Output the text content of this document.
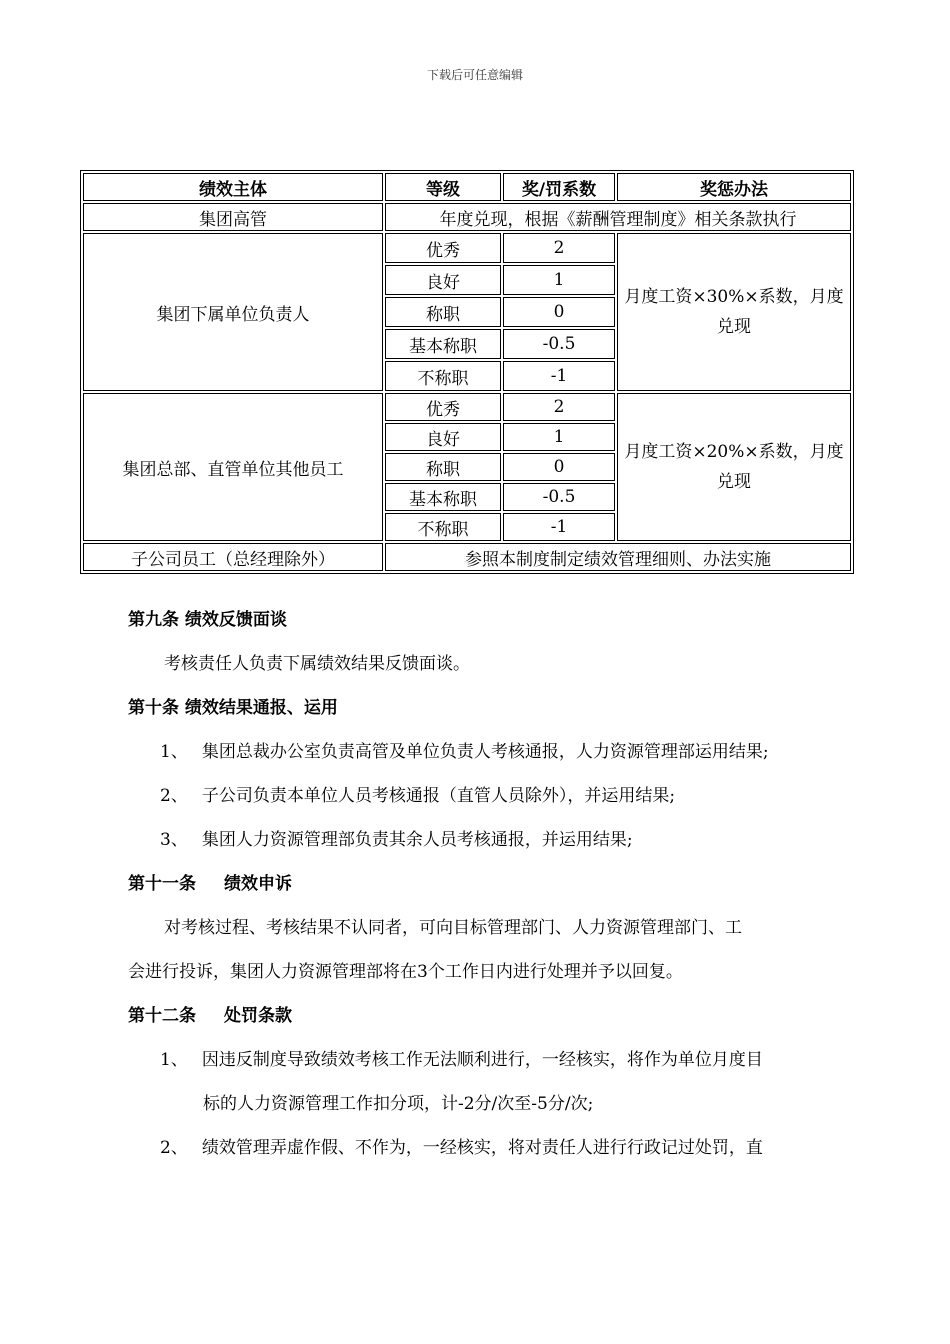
下载后可任意编辑
绩效主体	等级	奖/罚系数	奖惩办法
集团高管	年度兑现，根据《薪酬管理制度》相关条款执行		
集团下属单位负责人	优秀	2	月度工资×30%×系数，月度
兑现

	良好	1	
	称职	0	
	基本称职	-0.5	
	不称职	-1	
集团总部、直管单位其他员工	优秀	2	月度工资×20%×系数，月度
兑现

	良好	1	
	称职	0	
	基本称职	-0.5	
	不称职	-1	
子公司员工（总经理除外）	参照本制度制定绩效管理细则、办法实施		
第九条 绩效反馈面谈
考核责任人负责下属绩效结果反馈面谈。
第十条 绩效结果通报、运用
1、 集团总裁办公室负责高管及单位负责人考核通报，人力资源管理部运用结果;
2、 子公司负责本单位人员考核通报（直管人员除外），并运用结果;
3、 集团人力资源管理部负责其余人员考核通报，并运用结果;
第十一条 绩效申诉
对考核过程、考核结果不认同者，可向目标管理部门、人力资源管理部门、工
会进行投诉，集团人力资源管理部将在3个工作日内进行处理并予以回复。
第十二条 处罚条款
1、 因违反制度导致绩效考核工作无法顺利进行，一经核实，将作为单位月度目
标的人力资源管理工作扣分项，计-2分/次至-5分/次;
2、 绩效管理弄虚作假、不作为，一经核实，将对责任人进行行政记过处罚，直
